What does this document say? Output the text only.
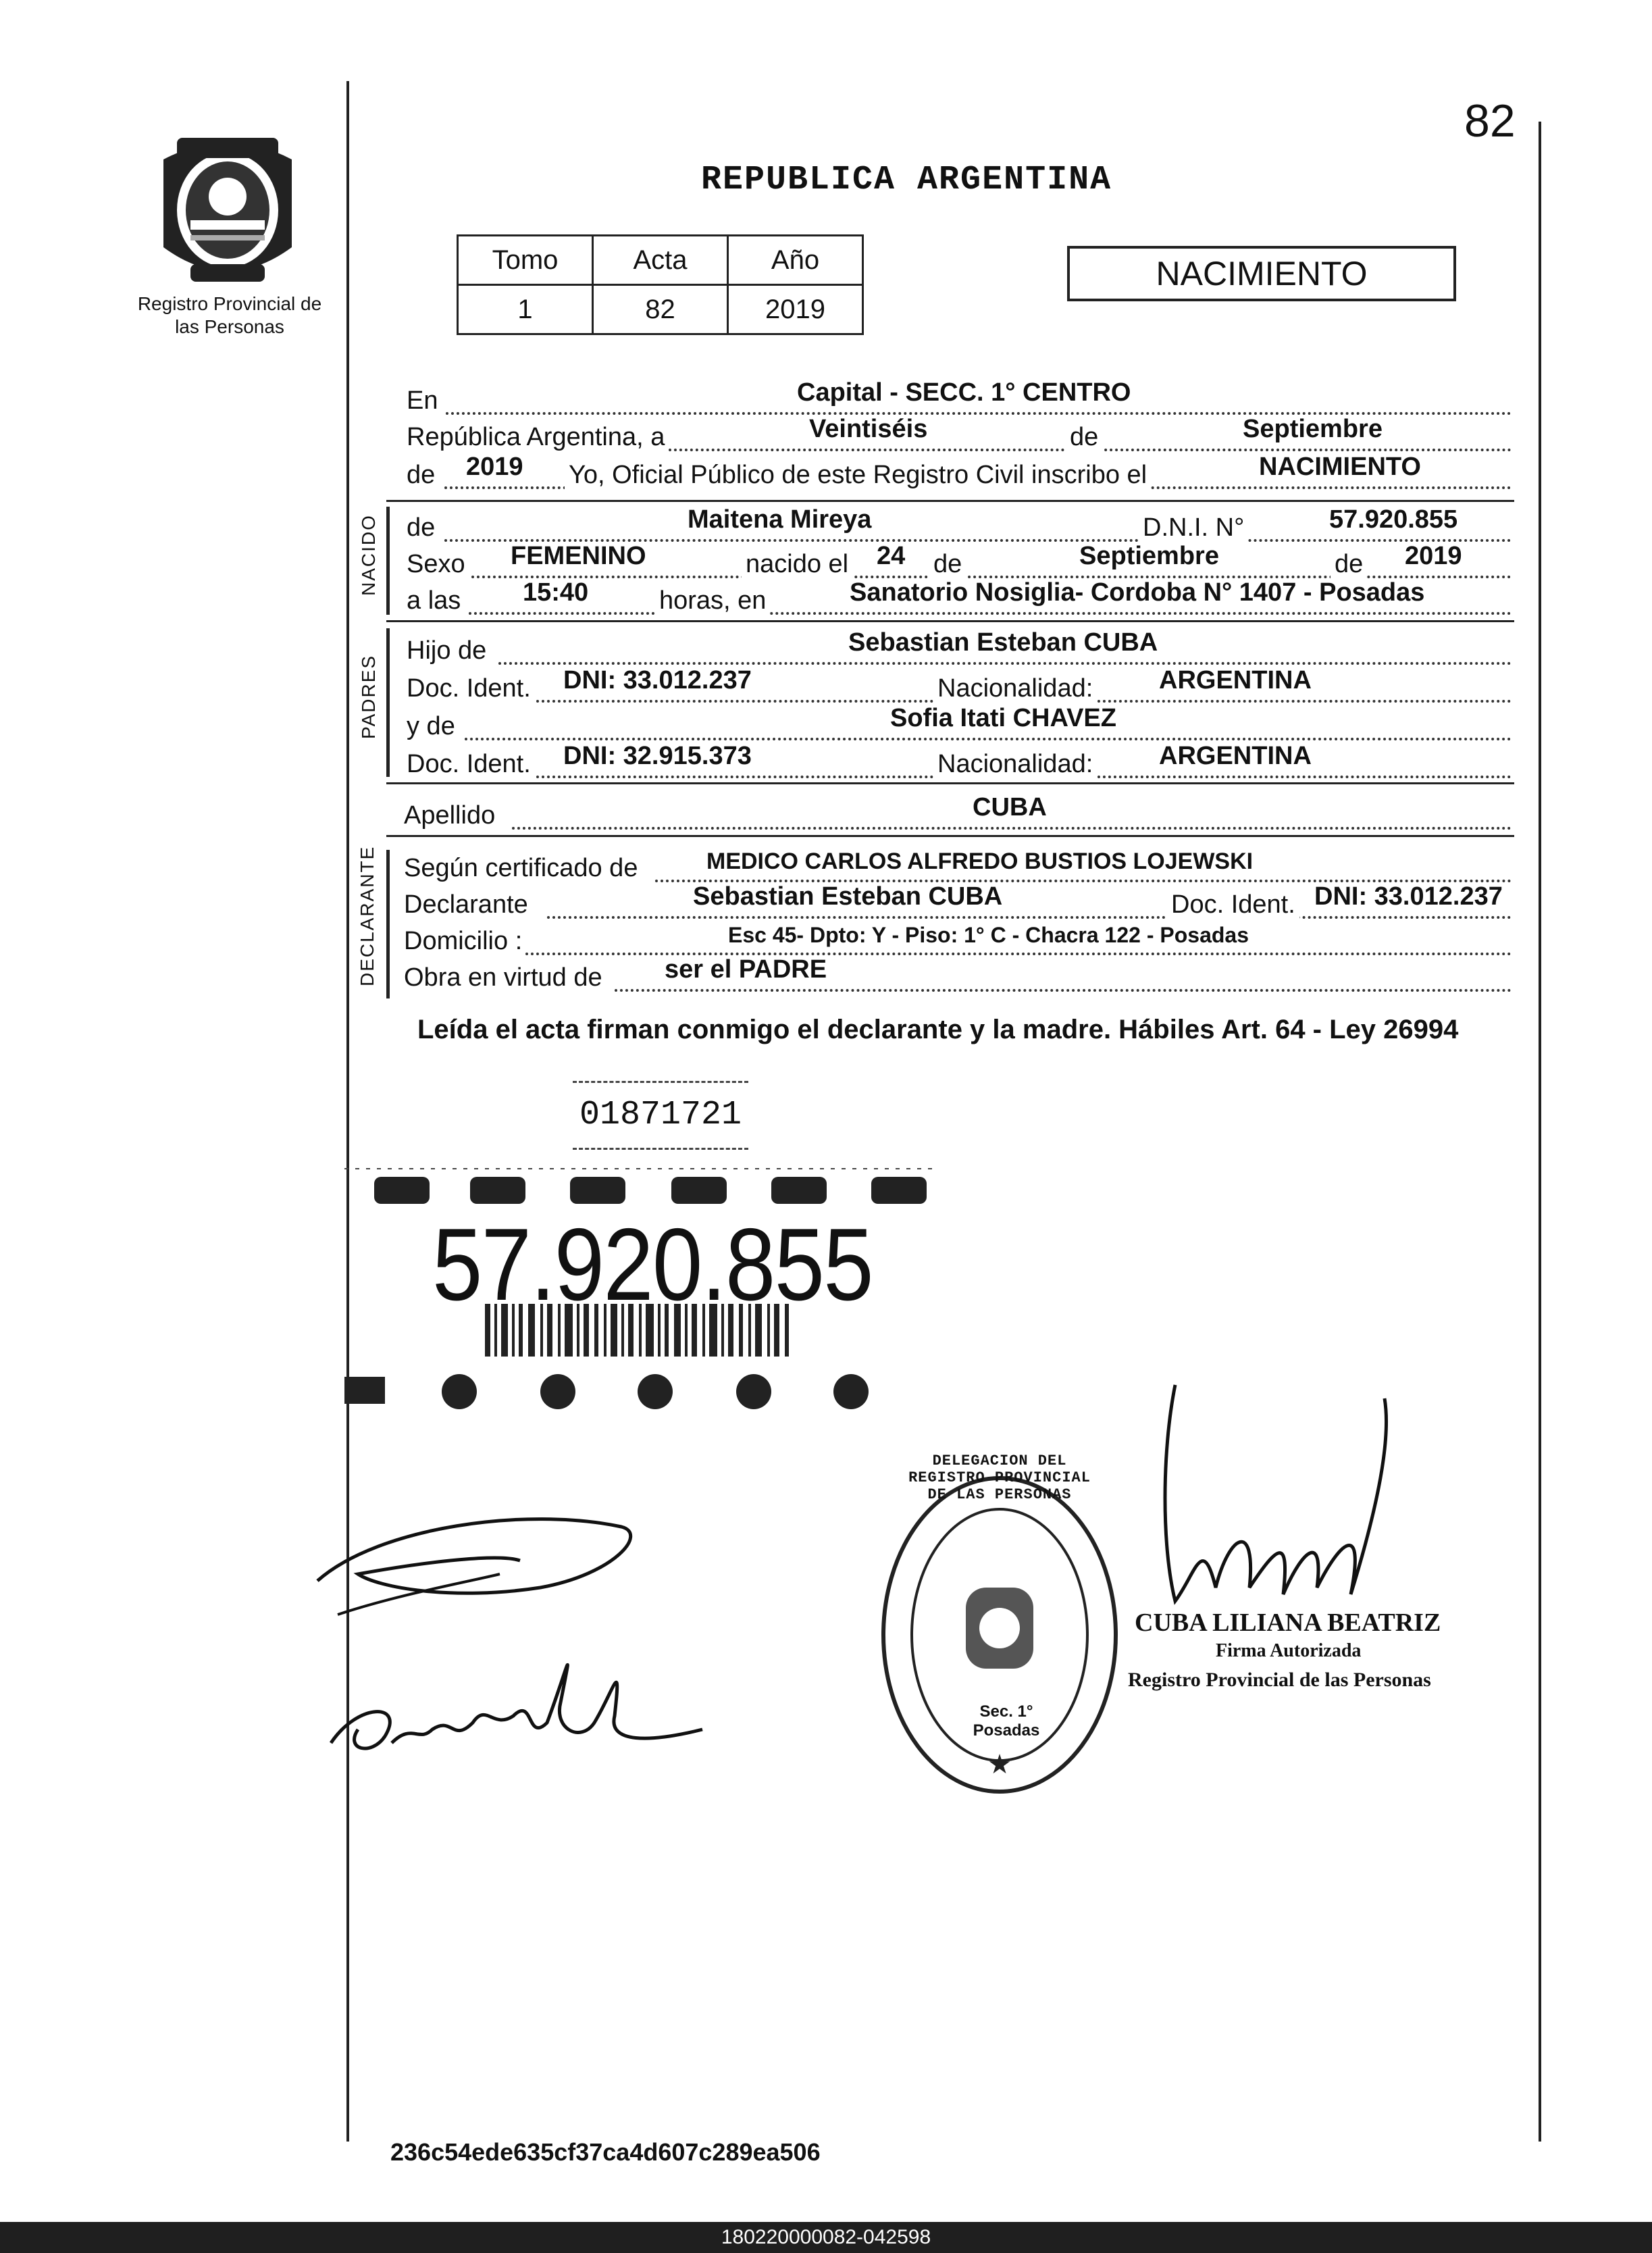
82
Registro Provincial de las Personas
REPUBLICA ARGENTINA
Tomo	Acta	Año
1	82	2019
NACIMIENTO
En	Capital - SECC. 1° CENTRO
República Argentina, a	Veintiséis	de	Septiembre
de 2019 Yo, Oficial Público de este Registro Civil inscribo el	NACIMIENTO
NACIDO de	Maitena Mireya	D.N.I. N°	57.920.855
Sexo FEMENINO	nacido el 24 de	Septiembre	de 2019
a las 15:40	horas, en	Sanatorio Nosiglia- Cordoba N° 1407 - Posadas
PADRES
Hijo de	Sebastian Esteban CUBA
Doc. Ident. DNI: 33.012.237	Nacionalidad:	ARGENTINA
y de	Sofia Itati CHAVEZ
Doc. Ident. DNI: 32.915.373	Nacionalidad:	ARGENTINA
Apellido	CUBA
DECLARANTE Según certificado de	MEDICO CARLOS ALFREDO BUSTIOS LOJEWSKI
Declarante	Sebastian Esteban CUBA	Doc. Ident. DNI: 33.012.237
Domicilio :	Esc 45- Dpto: Y - Piso: 1° C - Chacra 122 - Posadas
Obra en virtud de ser el PADRE
Leída el acta firman conmigo el declarante y la madre. Hábiles Art. 64 - Ley 26994
01871721
57.920.855
★
DELEGACION DEL REGISTRO PROVINCIAL DE LAS PERSONAS
Sec. 1° Posadas
CUBA LILIANA BEATRIZ
Firma Autorizada
Registro Provincial de las Personas
236c54ede635cf37ca4d607c289ea506
180220000082-042598
